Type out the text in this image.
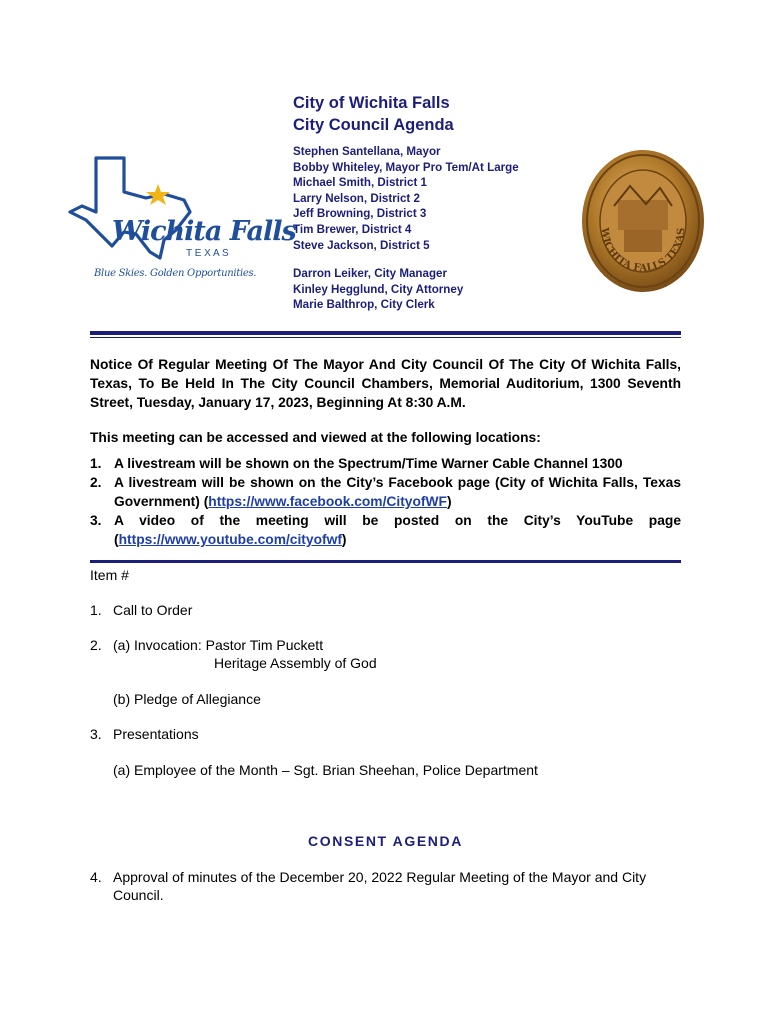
Wichita Falls
T E X A S
Blue Skies. Golden Opportunities.
WICHITA FALLS TEXAS
City of Wichita Falls
City Council Agenda
Stephen Santellana, Mayor
Bobby Whiteley, Mayor Pro Tem/At Large
Michael Smith, District 1
Larry Nelson, District 2
Jeff Browning, District 3
Tim Brewer, District 4
Steve Jackson, District 5
Darron Leiker, City Manager
Kinley Hegglund, City Attorney
Marie Balthrop, City Clerk
Notice Of Regular Meeting Of The Mayor And City Council Of The City Of Wichita Falls, Texas, To Be Held In The City Council Chambers, Memorial Auditorium, 1300 Seventh Street, Tuesday, January 17, 2023, Beginning At 8:30 A.M.
This meeting can be accessed and viewed at the following locations:
1. A livestream will be shown on the Spectrum/Time Warner Cable Channel 1300
2. A livestream will be shown on the City’s Facebook page (City of Wichita Falls, Texas Government) (https://www.facebook.com/CityofWF)
3. A video of the meeting will be posted on the City’s YouTube page (https://www.youtube.com/cityofwf)
Item #
1. Call to Order
2. (a) Invocation: Pastor Tim Puckett
Heritage Assembly of God
(b) Pledge of Allegiance
3. Presentations
(a) Employee of the Month – Sgt. Brian Sheehan, Police Department
CONSENT AGENDA
4. Approval of minutes of the December 20, 2022 Regular Meeting of the Mayor and City Council.
